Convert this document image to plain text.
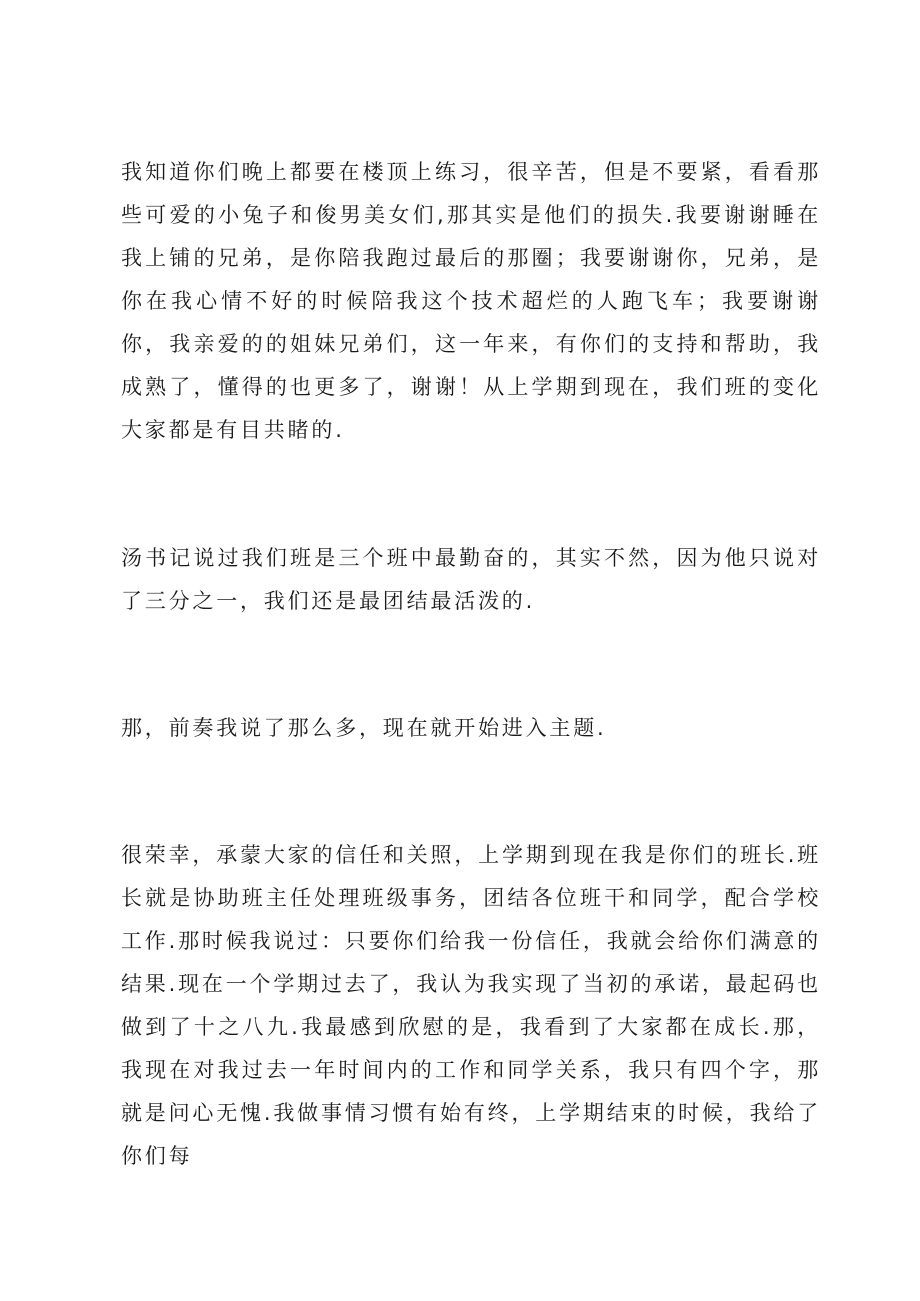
我知道你们晚上都要在楼顶上练习，很辛苦，但是不要紧，看看那些可爱的小兔子和俊男美女们,那其实是他们的损失.我要谢谢睡在我上铺的兄弟，是你陪我跑过最后的那圈；我要谢谢你，兄弟，是你在我心情不好的时候陪我这个技术超烂的人跑飞车；我要谢谢你，我亲爱的的姐妹兄弟们，这一年来，有你们的支持和帮助，我成熟了，懂得的也更多了，谢谢！从上学期到现在，我们班的变化大家都是有目共睹的.

汤书记说过我们班是三个班中最勤奋的，其实不然，因为他只说对了三分之一，我们还是最团结最活泼的.

那，前奏我说了那么多，现在就开始进入主题.

很荣幸，承蒙大家的信任和关照，上学期到现在我是你们的班长.班长就是协助班主任处理班级事务，团结各位班干和同学，配合学校工作.那时候我说过：只要你们给我一份信任，我就会给你们满意的结果.现在一个学期过去了，我认为我实现了当初的承诺，最起码也做到了十之八九.我最感到欣慰的是，我看到了大家都在成长.那，我现在对我过去一年时间内的工作和同学关系，我只有四个字，那就是问心无愧.我做事情习惯有始有终，上学期结束的时候，我给了你们每
